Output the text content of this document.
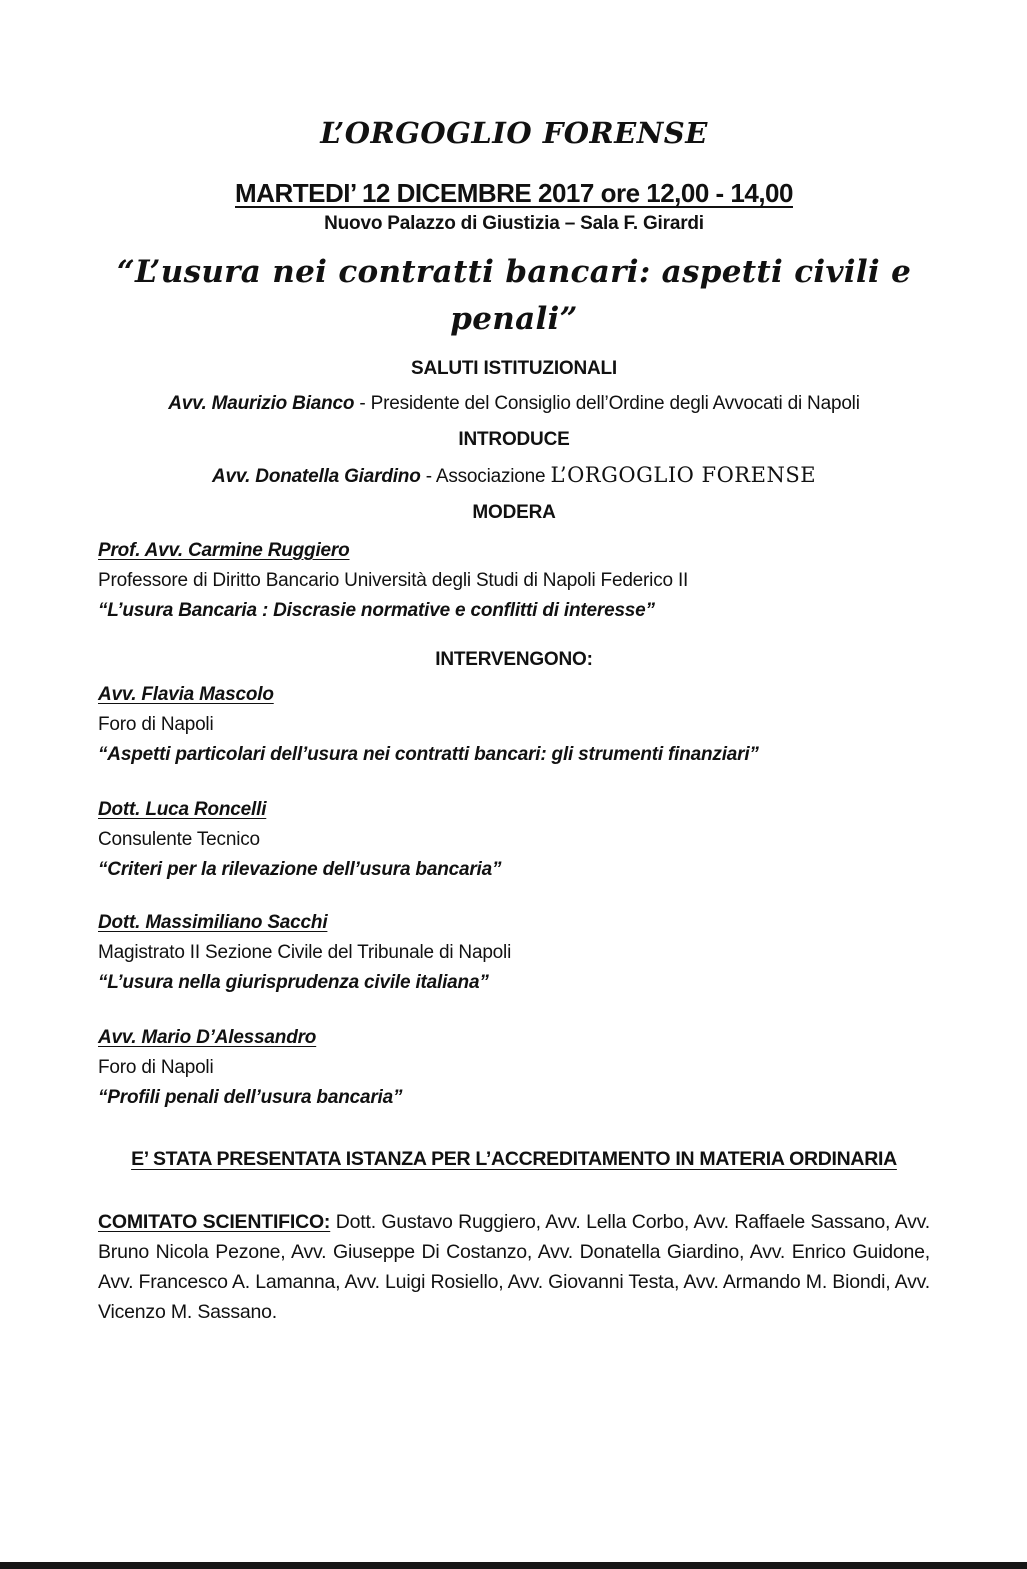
L’ORGOGLIO FORENSE
MARTEDI’ 12 DICEMBRE 2017 ore 12,00 - 14,00
Nuovo Palazzo di Giustizia – Sala F. Girardi
“L’usura nei contratti bancari: aspetti civili e penali”
SALUTI ISTITUZIONALI
Avv. Maurizio Bianco - Presidente del Consiglio dell’Ordine degli Avvocati di Napoli
INTRODUCE
Avv. Donatella Giardino - Associazione L’ORGOGLIO FORENSE
MODERA
Prof. Avv. Carmine Ruggiero
Professore di Diritto Bancario Università degli Studi di Napoli Federico II
“L’usura Bancaria : Discrasie normative e conflitti di interesse”
INTERVENGONO:
Avv. Flavia Mascolo
Foro di Napoli
“Aspetti particolari dell’usura nei contratti bancari: gli strumenti finanziari”
Dott. Luca Roncelli
Consulente Tecnico
“Criteri per la rilevazione dell’usura bancaria”
Dott. Massimiliano Sacchi
Magistrato II Sezione Civile del Tribunale di Napoli
“L’usura nella giurisprudenza civile italiana”
Avv. Mario D’Alessandro
Foro di Napoli
“Profili penali dell’usura bancaria”
E’ STATA PRESENTATA ISTANZA PER L’ACCREDITAMENTO IN MATERIA ORDINARIA
COMITATO SCIENTIFICO: Dott. Gustavo Ruggiero, Avv. Lella Corbo, Avv. Raffaele Sassano, Avv. Bruno Nicola Pezone, Avv. Giuseppe Di Costanzo, Avv. Donatella Giardino, Avv. Enrico Guidone, Avv. Francesco A. Lamanna, Avv. Luigi Rosiello, Avv. Giovanni Testa, Avv. Armando M. Biondi, Avv. Vicenzo M. Sassano.
